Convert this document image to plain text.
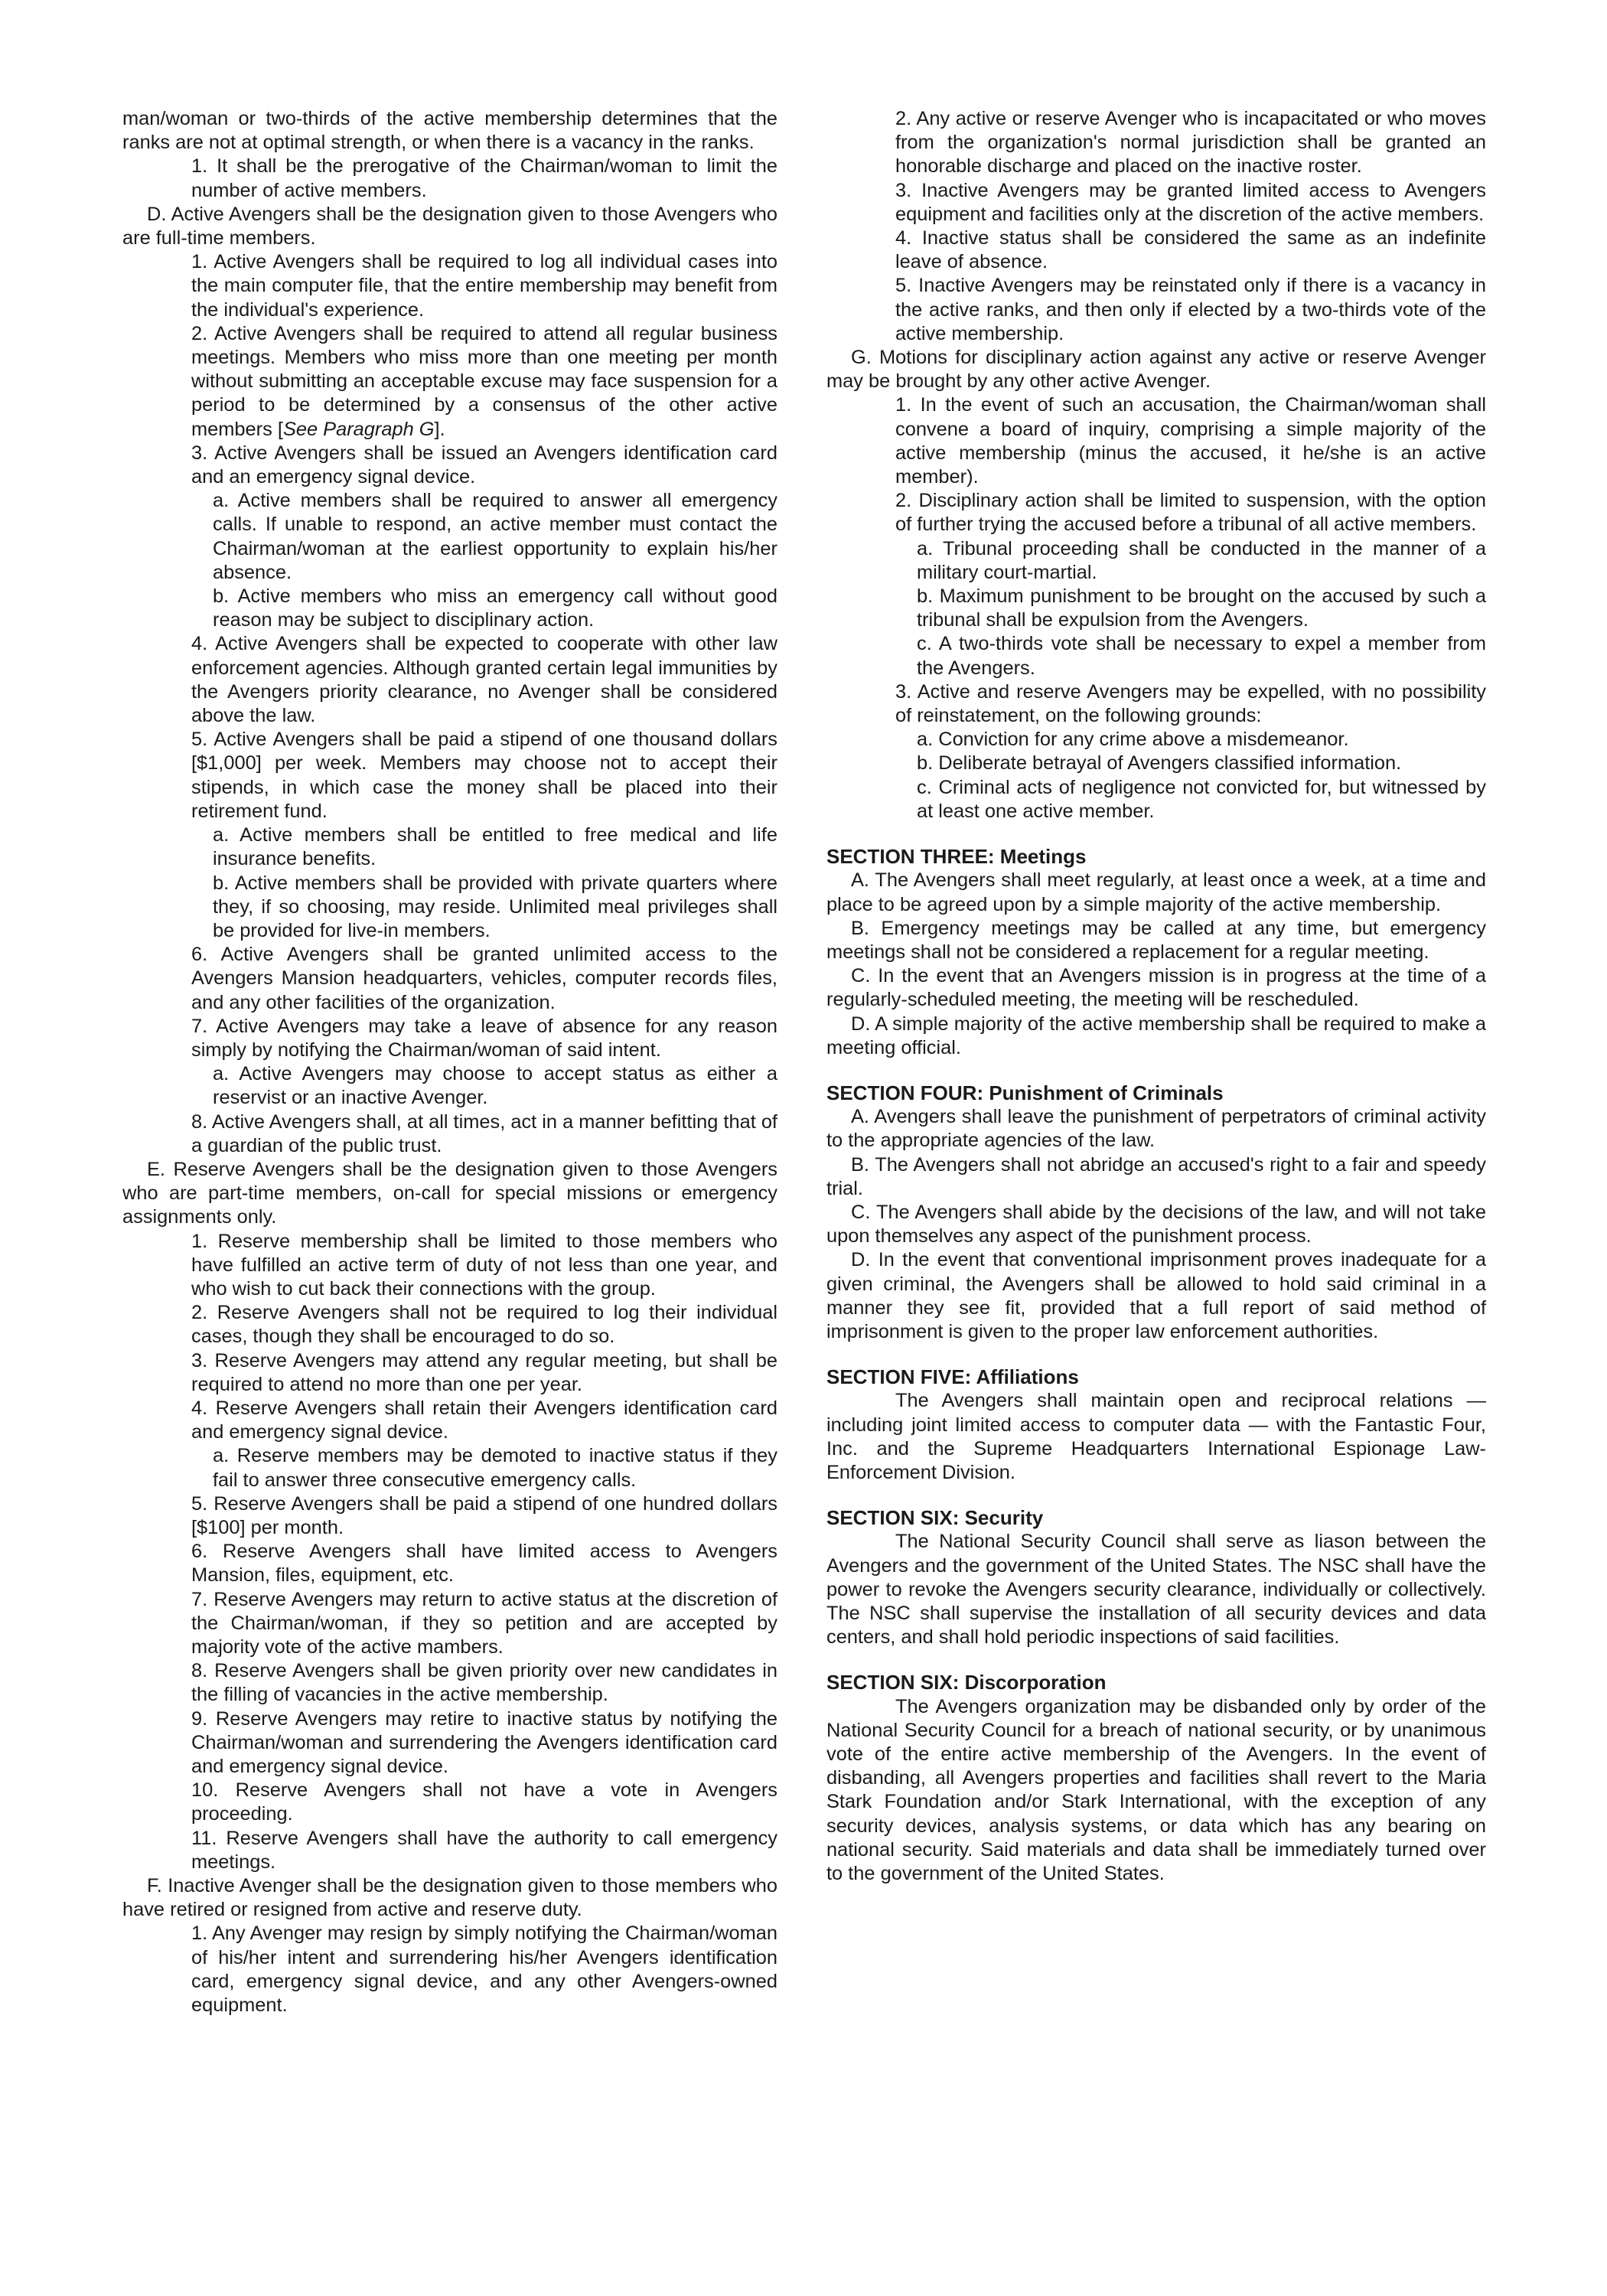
man/woman or two-thirds of the active membership determines that the ranks are not at optimal strength, or when there is a vacancy in the ranks.

1. It shall be the prerogative of the Chairman/woman to limit the number of active members.

D. Active Avengers shall be the designation given to those Avengers who are full-time members.

1. Active Avengers shall be required to log all individual cases into the main computer file, that the entire membership may benefit from the individual's experience.

2. Active Avengers shall be required to attend all regular business meetings. Members who miss more than one meeting per month without submitting an acceptable excuse may face suspension for a period to be determined by a consensus of the other active members [See Paragraph G].

3. Active Avengers shall be issued an Avengers identification card and an emergency signal device.

a. Active members shall be required to answer all emergency calls. If unable to respond, an active member must contact the Chairman/woman at the earliest opportunity to explain his/her absence.

b. Active members who miss an emergency call without good reason may be subject to disciplinary action.

4. Active Avengers shall be expected to cooperate with other law enforcement agencies. Although granted certain legal immunities by the Avengers priority clearance, no Avenger shall be considered above the law.

5. Active Avengers shall be paid a stipend of one thousand dollars [$1,000] per week. Members may choose not to accept their stipends, in which case the money shall be placed into their retirement fund.

a. Active members shall be entitled to free medical and life insurance benefits.

b. Active members shall be provided with private quarters where they, if so choosing, may reside. Unlimited meal privileges shall be provided for live-in members.

6. Active Avengers shall be granted unlimited access to the Avengers Mansion headquarters, vehicles, computer records files, and any other facilities of the organization.

7. Active Avengers may take a leave of absence for any reason simply by notifying the Chairman/woman of said intent.

a. Active Avengers may choose to accept status as either a reservist or an inactive Avenger.

8. Active Avengers shall, at all times, act in a manner befitting that of a guardian of the public trust.

E. Reserve Avengers shall be the designation given to those Avengers who are part-time members, on-call for special missions or emergency assignments only.

1. Reserve membership shall be limited to those members who have fulfilled an active term of duty of not less than one year, and who wish to cut back their connections with the group.

2. Reserve Avengers shall not be required to log their individual cases, though they shall be encouraged to do so.

3. Reserve Avengers may attend any regular meeting, but shall be required to attend no more than one per year.

4. Reserve Avengers shall retain their Avengers identification card and emergency signal device.

a. Reserve members may be demoted to inactive status if they fail to answer three consecutive emergency calls.

5. Reserve Avengers shall be paid a stipend of one hundred dollars [$100] per month.

6. Reserve Avengers shall have limited access to Avengers Mansion, files, equipment, etc.

7. Reserve Avengers may return to active status at the discretion of the Chairman/woman, if they so petition and are accepted by majority vote of the active mambers.

8. Reserve Avengers shall be given priority over new candidates in the filling of vacancies in the active membership.

9. Reserve Avengers may retire to inactive status by notifying the Chairman/woman and surrendering the Avengers identification card and emergency signal device.

10. Reserve Avengers shall not have a vote in Avengers proceeding.

11. Reserve Avengers shall have the authority to call emergency meetings.

F. Inactive Avenger shall be the designation given to those members who have retired or resigned from active and reserve duty.

1. Any Avenger may resign by simply notifying the Chairman/woman of his/her intent and surrendering his/her Avengers identification card, emergency signal device, and any other Avengers-owned equipment.

2. Any active or reserve Avenger who is incapacitated or who moves from the organization's normal jurisdiction shall be granted an honorable discharge and placed on the inactive roster.

3. Inactive Avengers may be granted limited access to Avengers equipment and facilities only at the discretion of the active members.

4. Inactive status shall be considered the same as an indefinite leave of absence.

5. Inactive Avengers may be reinstated only if there is a vacancy in the active ranks, and then only if elected by a two-thirds vote of the active membership.

G. Motions for disciplinary action against any active or reserve Avenger may be brought by any other active Avenger.

1. In the event of such an accusation, the Chairman/woman shall convene a board of inquiry, comprising a simple majority of the active membership (minus the accused, it he/she is an active member).

2. Disciplinary action shall be limited to suspension, with the option of further trying the accused before a tribunal of all active members.

a. Tribunal proceeding shall be conducted in the manner of a military court-martial.

b. Maximum punishment to be brought on the accused by such a tribunal shall be expulsion from the Avengers.

c. A two-thirds vote shall be necessary to expel a member from the Avengers.

3. Active and reserve Avengers may be expelled, with no possibility of reinstatement, on the following grounds:

a. Conviction for any crime above a misdemeanor.

b. Deliberate betrayal of Avengers classified information.

c. Criminal acts of negligence not convicted for, but witnessed by at least one active member.

SECTION THREE: Meetings

A. The Avengers shall meet regularly, at least once a week, at a time and place to be agreed upon by a simple majority of the active membership.

B. Emergency meetings may be called at any time, but emergency meetings shall not be considered a replacement for a regular meeting.

C. In the event that an Avengers mission is in progress at the time of a regularly-scheduled meeting, the meeting will be rescheduled.

D. A simple majority of the active membership shall be required to make a meeting official.

SECTION FOUR: Punishment of Criminals

A. Avengers shall leave the punishment of perpetrators of criminal activity to the appropriate agencies of the law.

B. The Avengers shall not abridge an accused's right to a fair and speedy trial.

C. The Avengers shall abide by the decisions of the law, and will not take upon themselves any aspect of the punishment process.

D. In the event that conventional imprisonment proves inadequate for a given criminal, the Avengers shall be allowed to hold said criminal in a manner they see fit, provided that a full report of said method of imprisonment is given to the proper law enforcement authorities.

SECTION FIVE: Affiliations

The Avengers shall maintain open and reciprocal relations — including joint limited access to computer data — with the Fantastic Four, Inc. and the Supreme Headquarters International Espionage Law-Enforcement Division.

SECTION SIX: Security

The National Security Council shall serve as liason between the Avengers and the government of the United States. The NSC shall have the power to revoke the Avengers security clearance, individually or collectively. The NSC shall supervise the installation of all security devices and data centers, and shall hold periodic inspections of said facilities.

SECTION SIX: Discorporation

The Avengers organization may be disbanded only by order of the National Security Council for a breach of national security, or by unanimous vote of the entire active membership of the Avengers. In the event of disbanding, all Avengers properties and facilities shall revert to the Maria Stark Foundation and/or Stark International, with the exception of any security devices, analysis systems, or data which has any bearing on national security. Said materials and data shall be immediately turned over to the government of the United States.
